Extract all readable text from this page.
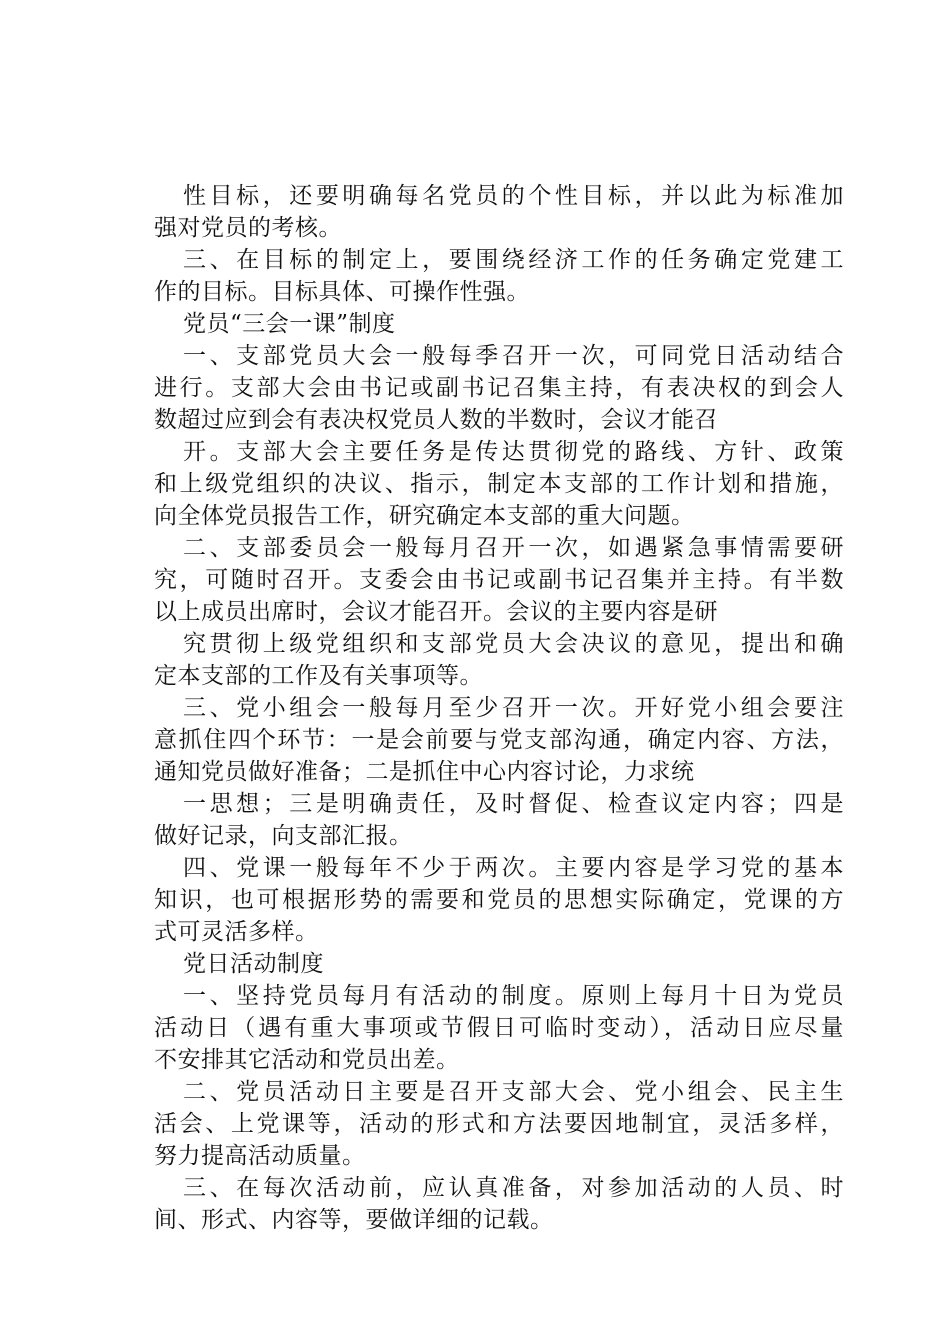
性目标，还要明确每名党员的个性目标，并以此为标准加
强对党员的考核。
三、在目标的制定上，要围绕经济工作的任务确定党建工
作的目标。目标具体、可操作性强。
党员“三会一课”制度
一、支部党员大会一般每季召开一次，可同党日活动结合
进行。支部大会由书记或副书记召集主持，有表决权的到会人
数超过应到会有表决权党员人数的半数时，会议才能召
开。支部大会主要任务是传达贯彻党的路线、方针、政策
和上级党组织的决议、指示，制定本支部的工作计划和措施，
向全体党员报告工作，研究确定本支部的重大问题。
二、支部委员会一般每月召开一次，如遇紧急事情需要研
究，可随时召开。支委会由书记或副书记召集并主持。有半数
以上成员出席时，会议才能召开。会议的主要内容是研
究贯彻上级党组织和支部党员大会决议的意见，提出和确
定本支部的工作及有关事项等。
三、党小组会一般每月至少召开一次。开好党小组会要注
意抓住四个环节：一是会前要与党支部沟通，确定内容、方法，
通知党员做好准备；二是抓住中心内容讨论，力求统
一思想；三是明确责任，及时督促、检查议定内容；四是
做好记录，向支部汇报。
四、党课一般每年不少于两次。主要内容是学习党的基本
知识，也可根据形势的需要和党员的思想实际确定，党课的方
式可灵活多样。
党日活动制度
一、坚持党员每月有活动的制度。原则上每月十日为党员
活动日（遇有重大事项或节假日可临时变动），活动日应尽量
不安排其它活动和党员出差。
二、党员活动日主要是召开支部大会、党小组会、民主生
活会、上党课等，活动的形式和方法要因地制宜，灵活多样，
努力提高活动质量。
三、在每次活动前，应认真准备，对参加活动的人员、时
间、形式、内容等，要做详细的记载。
